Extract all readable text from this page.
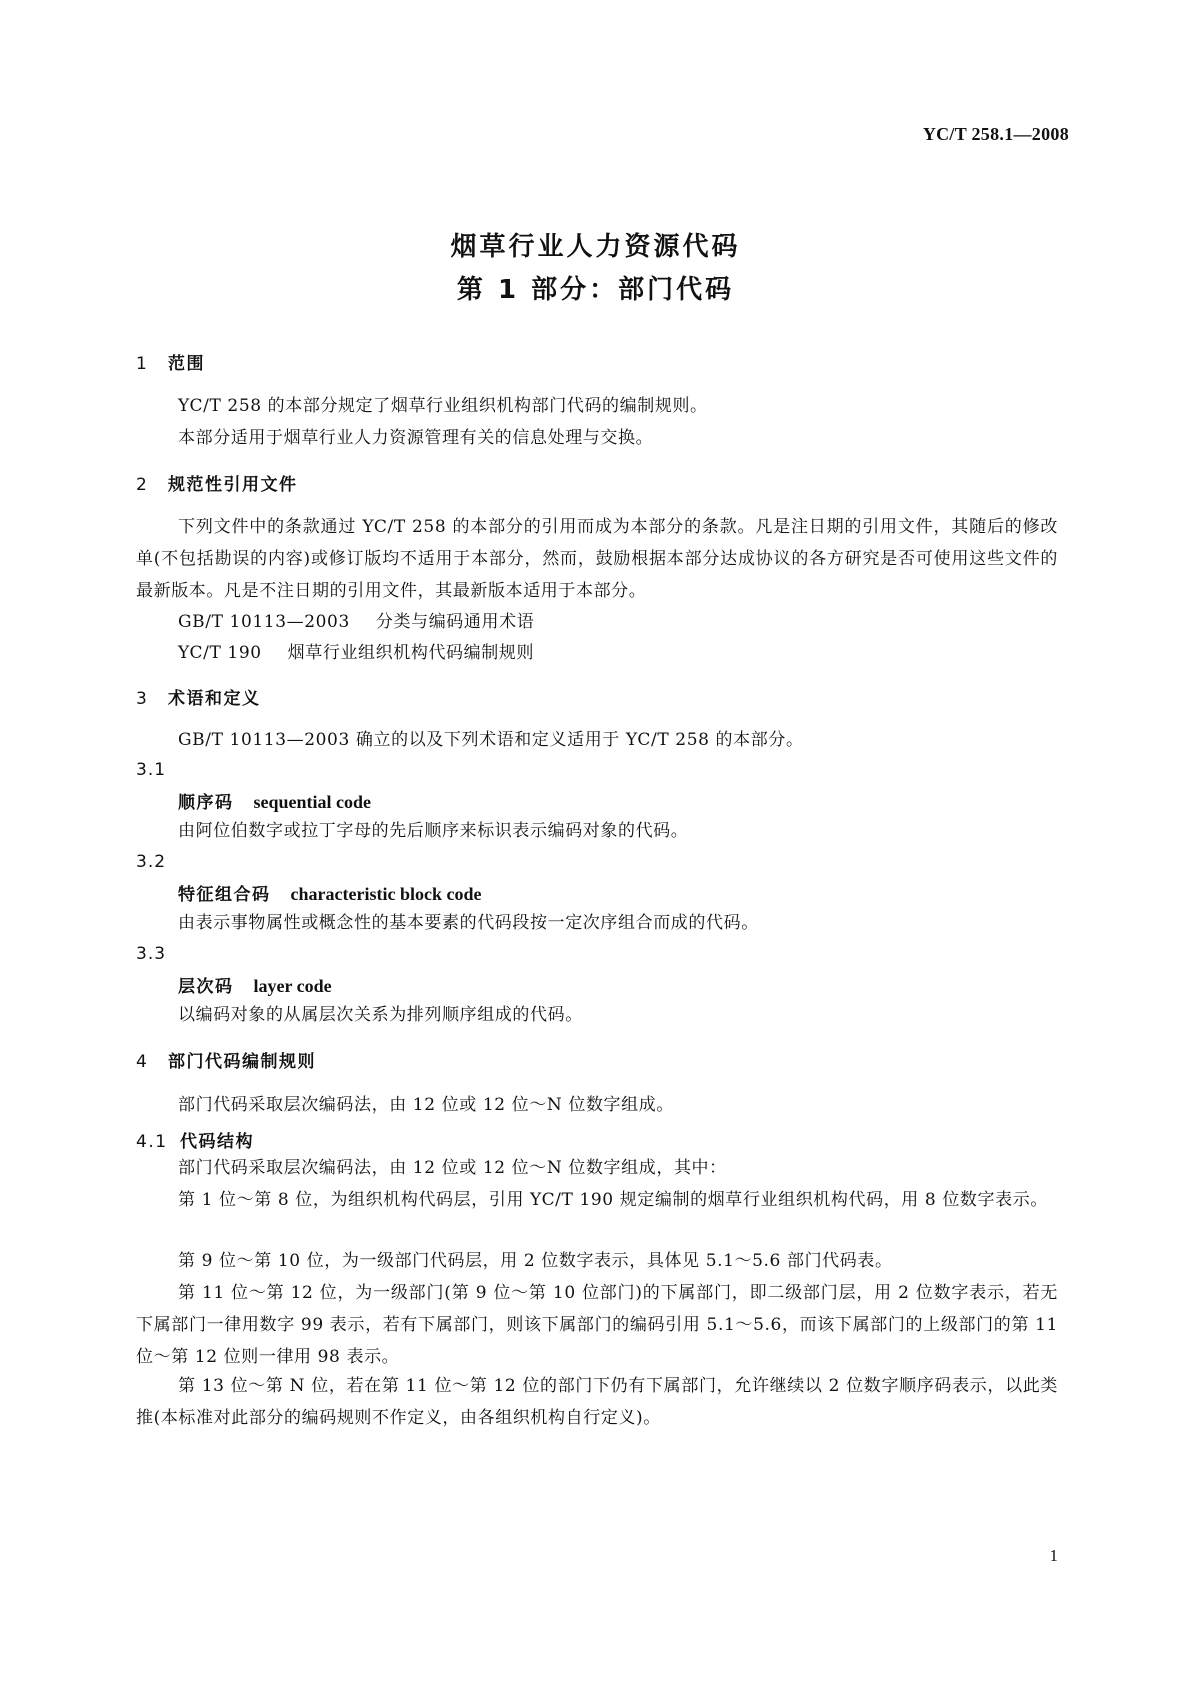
YC/T 258.1—2008
烟草行业人力资源代码
第 1 部分：部门代码
1 范围

YC/T 258 的本部分规定了烟草行业组织机构部门代码的编制规则。

本部分适用于烟草行业人力资源管理有关的信息处理与交换。

2 规范性引用文件

下列文件中的条款通过 YC/T 258 的本部分的引用而成为本部分的条款。凡是注日期的引用文件，其随后的修改单(不包括勘误的内容)或修订版均不适用于本部分，然而，鼓励根据本部分达成协议的各方研究是否可使用这些文件的最新版本。凡是不注日期的引用文件，其最新版本适用于本部分。

GB/T 10113—2003 分类与编码通用术语
YC/T 190 烟草行业组织机构代码编制规则
3 术语和定义

GB/T 10113—2003 确立的以及下列术语和定义适用于 YC/T 258 的本部分。

3.1
顺序码 sequential code

由阿位伯数字或拉丁字母的先后顺序来标识表示编码对象的代码。

3.2
特征组合码 characteristic block code

由表示事物属性或概念性的基本要素的代码段按一定次序组合而成的代码。

3.3
层次码 layer code

以编码对象的从属层次关系为排列顺序组成的代码。

4 部门代码编制规则

部门代码采取层次编码法，由 12 位或 12 位～N 位数字组成。

4.1 代码结构

部门代码采取层次编码法，由 12 位或 12 位～N 位数字组成，其中：

第 1 位～第 8 位，为组织机构代码层，引用 YC/T 190 规定编制的烟草行业组织机构代码，用 8 位数字表示。

第 9 位～第 10 位，为一级部门代码层，用 2 位数字表示，具体见 5.1～5.6 部门代码表。

第 11 位～第 12 位，为一级部门(第 9 位～第 10 位部门)的下属部门，即二级部门层，用 2 位数字表示，若无下属部门一律用数字 99 表示，若有下属部门，则该下属部门的编码引用 5.1～5.6，而该下属部门的上级部门的第 11 位～第 12 位则一律用 98 表示。

第 13 位～第 N 位，若在第 11 位～第 12 位的部门下仍有下属部门，允许继续以 2 位数字顺序码表示，以此类推(本标准对此部分的编码规则不作定义，由各组织机构自行定义)。

1
